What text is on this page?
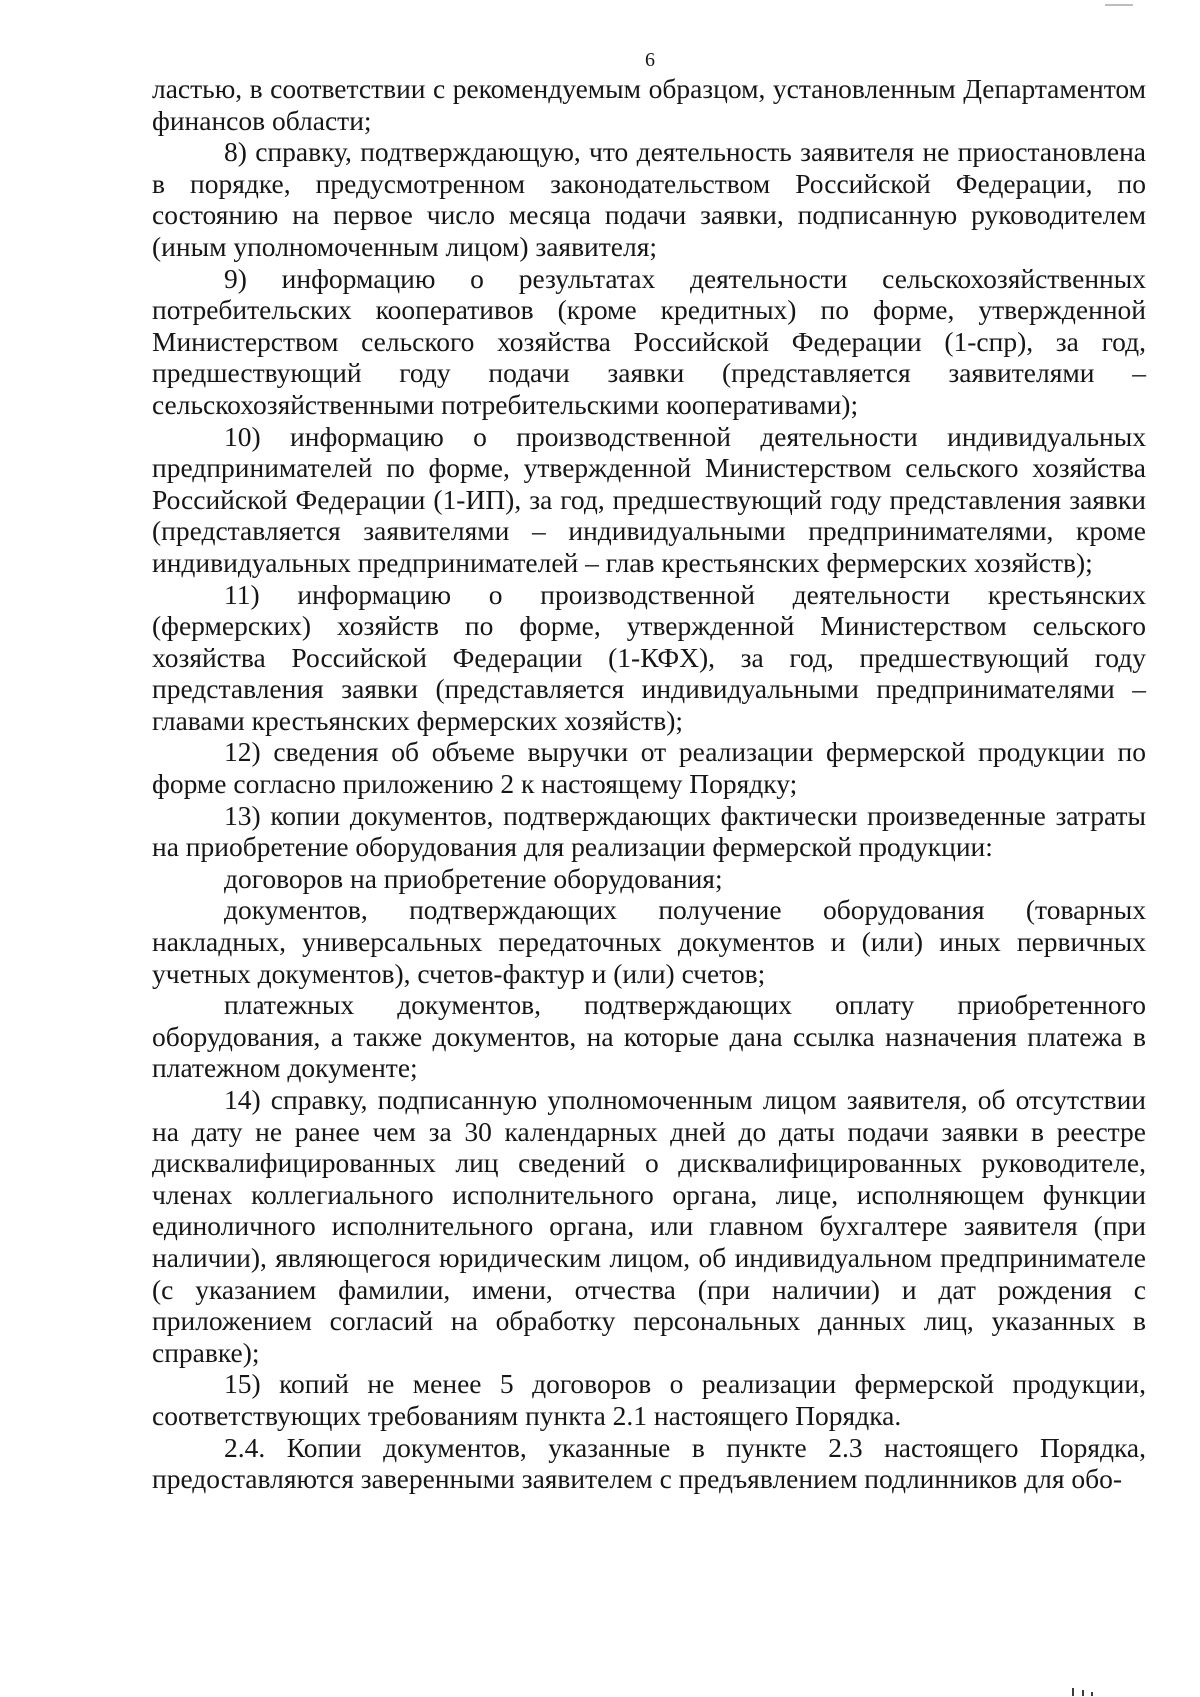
6

ластью, в соответствии с рекомендуемым образцом, установленным Департаментом финансов области;

8) справку, подтверждающую, что деятельность заявителя не приостановлена в порядке, предусмотренном законодательством Российской Федерации, по состоянию на первое число месяца подачи заявки, подписанную руководителем (иным уполномоченным лицом) заявителя;

9) информацию о результатах деятельности сельскохозяйственных потребительских кооперативов (кроме кредитных) по форме, утвержденной Министерством сельского хозяйства Российской Федерации (1-спр), за год, предшествующий году подачи заявки (представляется заявителями – сельскохозяйственными потребительскими кооперативами);

10) информацию о производственной деятельности индивидуальных предпринимателей по форме, утвержденной Министерством сельского хозяйства Российской Федерации (1-ИП), за год, предшествующий году представления заявки (представляется заявителями – индивидуальными предпринимателями, кроме индивидуальных предпринимателей – глав крестьянских фермерских хозяйств);

11) информацию о производственной деятельности крестьянских (фермерских) хозяйств по форме, утвержденной Министерством сельского хозяйства Российской Федерации (1-КФХ), за год, предшествующий году представления заявки (представляется индивидуальными предпринимателями – главами крестьянских фермерских хозяйств);

12) сведения об объеме выручки от реализации фермерской продукции по форме согласно приложению 2 к настоящему Порядку;

13) копии документов, подтверждающих фактически произведенные затраты на приобретение оборудования для реализации фермерской продукции:

договоров на приобретение оборудования;

документов, подтверждающих получение оборудования (товарных накладных, универсальных передаточных документов и (или) иных первичных учетных документов), счетов-фактур и (или) счетов;

платежных документов, подтверждающих оплату приобретенного оборудования, а также документов, на которые дана ссылка назначения платежа в платежном документе;

14) справку, подписанную уполномоченным лицом заявителя, об отсутствии на дату не ранее чем за 30 календарных дней до даты подачи заявки в реестре дисквалифицированных лиц сведений о дисквалифицированных руководителе, членах коллегиального исполнительного органа, лице, исполняющем функции единоличного исполнительного органа, или главном бухгалтере заявителя (при наличии), являющегося юридическим лицом, об индивидуальном предпринимателе (с указанием фамилии, имени, отчества (при наличии) и дат рождения с приложением согласий на обработку персональных данных лиц, указанных в справке);

15) копий не менее 5 договоров о реализации фермерской продукции, соответствующих требованиям пункта 2.1 настоящего Порядка.

2.4. Копии документов, указанные в пункте 2.3 настоящего Порядка, предоставляются заверенными заявителем с предъявлением подлинников для обо-
